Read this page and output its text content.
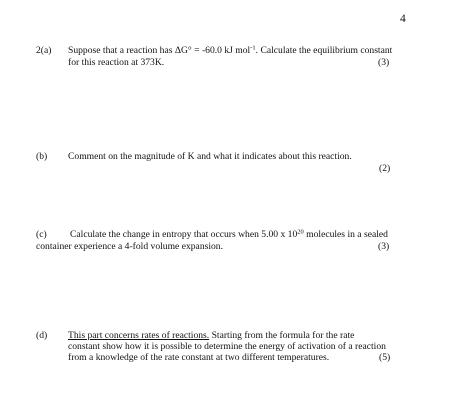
4
2(a) Suppose that a reaction has ΔG° = -60.0 kJ mol$^{-1}$. Calculate the equilibrium constant
for this reaction at 373K.	(3)
(b) Comment on the magnitude of K and what it indicates about this reaction.
(2)
(c) Calculate the change in entropy that occurs when 5.00 x $10^{20}$ molecules in a sealed
container experience a 4-fold volume expansion.	(3)
(d) This part concerns rates of reactions. Starting from the formula for the rate
constant show how it is possible to determine the energy of activation of a reaction
from a knowledge of the rate constant at two different temperatures.	(5)
